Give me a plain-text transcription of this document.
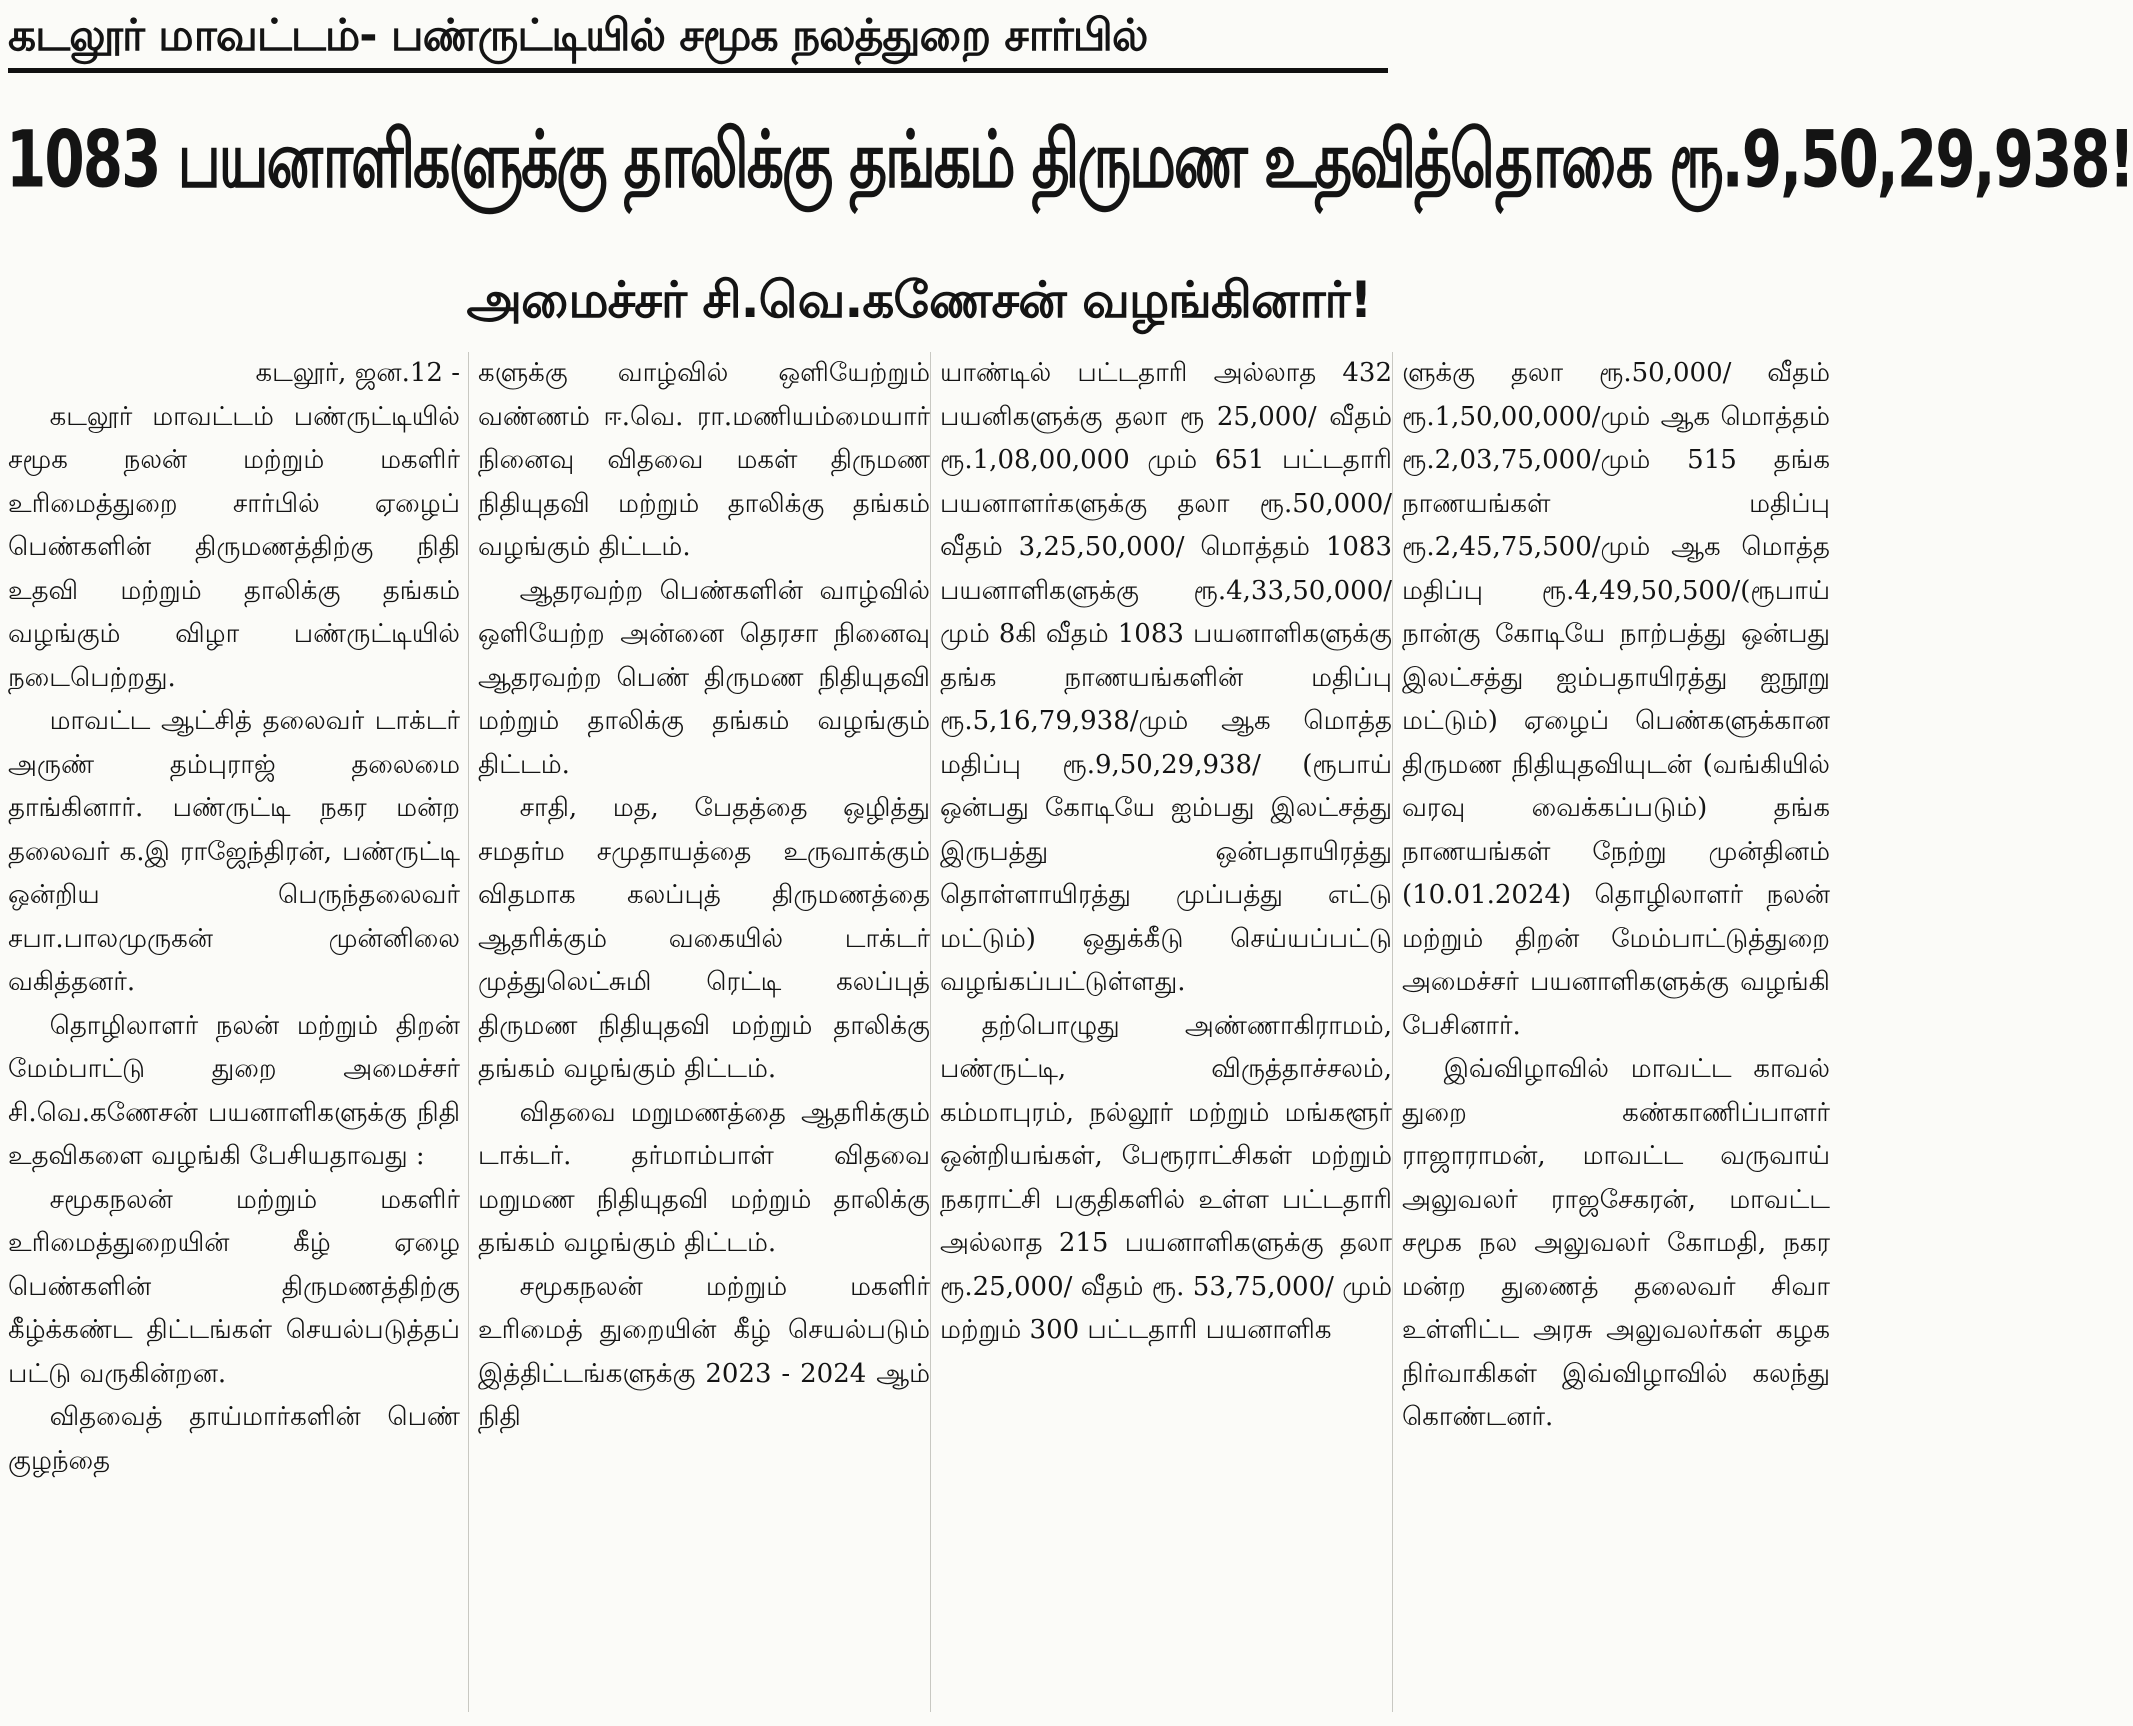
கடலூர் மாவட்டம்- பண்ருட்டியில் சமூக நலத்துறை சார்பில்
1083 பயனாளிகளுக்கு தாலிக்கு தங்கம் திருமண உதவித்தொகை ரூ.9,50,29,938!
அமைச்சர் சி.வெ.கணேசன் வழங்கினார்!

கடலூர், ஜன.12 -

கடலூர் மாவட்டம் பண்ருட்டியில் சமூக நலன் மற்றும் மகளிர் உரிமைத்துறை சார்பில் ஏழைப் பெண்களின் திருமணத்திற்கு நிதி உதவி மற்றும் தாலிக்கு தங்கம் வழங்கும் விழா பண்ருட்டியில் நடைபெற்றது.

மாவட்ட ஆட்சித் தலைவர் டாக்டர் அருண் தம்புராஜ் தலைமை தாங்கினார். பண்ருட்டி நகர மன்ற தலைவர் க.இ ராஜேந்திரன், பண்ருட்டி ஒன்றிய பெருந்தலைவர் சபா.பாலமுருகன் முன்னிலை வகித்தனர்.

தொழிலாளர் நலன் மற்றும் திறன் மேம்பாட்டு துறை அமைச்சர் சி.வெ.கணேசன் பயனாளிகளுக்கு நிதி உதவிகளை வழங்கி பேசியதாவது :

சமூகநலன் மற்றும் மகளிர் உரிமைத்துறையின் கீழ் ஏழை பெண்களின் திருமணத்திற்கு கீழ்க்கண்ட திட்டங்கள் செயல்படுத்தப் பட்டு வருகின்றன.

விதவைத் தாய்மார்களின் பெண் குழந்தை

களுக்கு வாழ்வில் ஒளியேற்றும் வண்ணம் ஈ.வெ. ரா.மணியம்மையார் நினைவு விதவை மகள் திருமண நிதியுதவி மற்றும் தாலிக்கு தங்கம் வழங்கும் திட்டம்.

ஆதரவற்ற பெண்களின் வாழ்வில் ஒளியேற்ற அன்னை தெரசா நினைவு ஆதரவற்ற பெண் திருமண நிதியுதவி மற்றும் தாலிக்கு தங்கம் வழங்கும் திட்டம்.

சாதி, மத, பேதத்தை ஒழித்து சமதர்ம சமுதாயத்தை உருவாக்கும் விதமாக கலப்புத் திருமணத்தை ஆதரிக்கும் வகையில் டாக்டர் முத்துலெட்சுமி ரெட்டி கலப்புத் திருமண நிதியுதவி மற்றும் தாலிக்கு தங்கம் வழங்கும் திட்டம்.

விதவை மறுமணத்தை ஆதரிக்கும் டாக்டர். தர்மாம்பாள் விதவை மறுமண நிதியுதவி மற்றும் தாலிக்கு தங்கம் வழங்கும் திட்டம்.

சமூகநலன் மற்றும் மகளிர் உரிமைத் துறையின் கீழ் செயல்படும் இத்திட்டங்களுக்கு 2023 - 2024 ஆம் நிதி

யாண்டில் பட்டதாரி அல்லாத 432 பயனிகளுக்கு தலா ரூ 25,000/ வீதம் ரூ.1,08,00,000 மும் 651 பட்டதாரி பயனாளர்களுக்கு தலா ரூ.50,000/ வீதம் 3,25,50,000/ மொத்தம் 1083 பயனாளிகளுக்கு ரூ.4,33,50,000/மும் 8கி வீதம் 1083 பயனாளிகளுக்கு தங்க நாணயங்களின் மதிப்பு ரூ.5,16,79,938/மும் ஆக மொத்த மதிப்பு ரூ.9,50,29,938/ (ரூபாய் ஒன்பது கோடியே ஐம்பது இலட்சத்து இருபத்து ஒன்பதாயிரத்து தொள்ளாயிரத்து முப்பத்து எட்டு மட்டும்) ஒதுக்கீடு செய்யப்பட்டு வழங்கப்பட்டுள்ளது.

தற்பொழுது அண்ணாகிராமம், பண்ருட்டி, விருத்தாச்சலம், கம்மாபுரம், நல்லூர் மற்றும் மங்களூர் ஒன்றியங்கள், பேரூராட்சிகள் மற்றும் நகராட்சி பகுதிகளில் உள்ள பட்டதாரி அல்லாத 215 பயனாளிகளுக்கு தலா ரூ.25,000/ வீதம் ரூ. 53,75,000/ மும் மற்றும் 300 பட்டதாரி பயனாளிக

ளுக்கு தலா ரூ.50,000/ வீதம் ரூ.1,50,00,000/மும் ஆக மொத்தம் ரூ.2,03,75,000/மும் 515 தங்க நாணயங்கள் மதிப்பு ரூ.2,45,75,500/மும் ஆக மொத்த மதிப்பு ரூ.4,49,50,500/(ரூபாய் நான்கு கோடியே நாற்பத்து ஒன்பது இலட்சத்து ஐம்பதாயிரத்து ஐநூறு மட்டும்) ஏழைப் பெண்களுக்கான திருமண நிதியுதவியுடன் (வங்கியில் வரவு வைக்கப்படும்) தங்க நாணயங்கள் நேற்று முன்தினம் (10.01.2024) தொழிலாளர் நலன் மற்றும் திறன் மேம்பாட்டுத்துறை அமைச்சர் பயனாளிகளுக்கு வழங்கி பேசினார்.

இவ்விழாவில் மாவட்ட காவல் துறை கண்காணிப்பாளர் ராஜாராமன், மாவட்ட வருவாய் அலுவலர் ராஜசேகரன், மாவட்ட சமூக நல அலுவலர் கோமதி, நகர மன்ற துணைத் தலைவர் சிவா உள்ளிட்ட அரசு அலுவலர்கள் கழக நிர்வாகிகள் இவ்விழாவில் கலந்து கொண்டனர்.
